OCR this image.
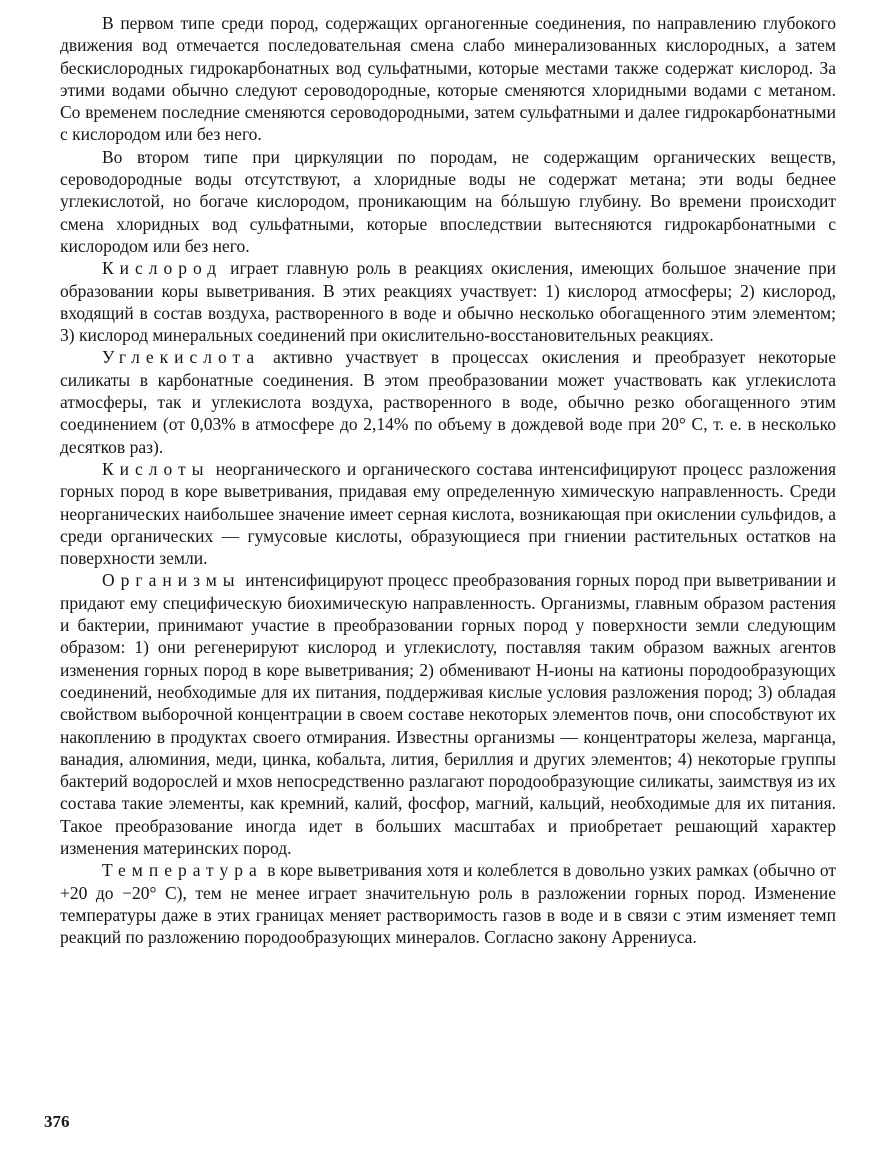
В первом типе среди пород, содержащих органогенные соединения, по направлению глубокого движения вод отмечается последовательная смена слабо минерализованных кислородных, а затем бескислородных гидрокарбонатных вод сульфатными, которые местами также содержат кислород. За этими водами обычно следуют сероводородные, которые сменяются хлоридными водами с метаном. Со временем последние сменяются сероводородными, затем сульфатными и далее гидрокарбонатными с кислородом или без него.

Во втором типе при циркуляции по породам, не содержащим органических веществ, сероводородные воды отсутствуют, а хлоридные воды не содержат метана; эти воды беднее углекислотой, но богаче кислородом, проникающим на бóльшую глубину. Во времени происходит смена хлоридных вод сульфатными, которые впоследствии вытесняются гидрокарбонатными с кислородом или без него.

Кислород играет главную роль в реакциях окисления, имеющих большое значение при образовании коры выветривания. В этих реакциях участвует: 1) кислород атмосферы; 2) кислород, входящий в состав воздуха, растворенного в воде и обычно несколько обогащенного этим элементом; 3) кислород минеральных соединений при окислительно-восстановительных реакциях.

Углекислота активно участвует в процессах окисления и преобразует некоторые силикаты в карбонатные соединения. В этом преобразовании может участвовать как углекислота атмосферы, так и углекислота воздуха, растворенного в воде, обычно резко обогащенного этим соединением (от 0,03% в атмосфере до 2,14% по объему в дождевой воде при 20° С, т. е. в несколько десятков раз).

Кислоты неорганического и органического состава интенсифицируют процесс разложения горных пород в коре выветривания, придавая ему определенную химическую направленность. Среди неорганических наибольшее значение имеет серная кислота, возникающая при окислении сульфидов, а среди органических — гумусовые кислоты, образующиеся при гниении растительных остатков на поверхности земли.

Организмы интенсифицируют процесс преобразования горных пород при выветривании и придают ему специфическую биохимическую направленность. Организмы, главным образом растения и бактерии, принимают участие в преобразовании горных пород у поверхности земли следующим образом: 1) они регенерируют кислород и углекислоту, поставляя таким образом важных агентов изменения горных пород в коре выветривания; 2) обменивают Н-ионы на катионы породообразующих соединений, необходимые для их питания, поддерживая кислые условия разложения пород; 3) обладая свойством выборочной концентрации в своем составе некоторых элементов почв, они способствуют их накоплению в продуктах своего отмирания. Известны организмы — концентраторы железа, марганца, ванадия, алюминия, меди, цинка, кобальта, лития, бериллия и других элементов; 4) некоторые группы бактерий водорослей и мхов непосредственно разлагают породообразующие силикаты, заимствуя из их состава такие элементы, как кремний, калий, фосфор, магний, кальций, необходимые для их питания. Такое преобразование иногда идет в больших масштабах и приобретает решающий характер изменения материнских пород.

Температура в коре выветривания хотя и колеблется в довольно узких рамках (обычно от +20 до −20° С), тем не менее играет значительную роль в разложении горных пород. Изменение температуры даже в этих границах меняет растворимость газов в воде и в связи с этим изменяет темп реакций по разложению породообразующих минералов. Согласно закону Аррениуса.

376
